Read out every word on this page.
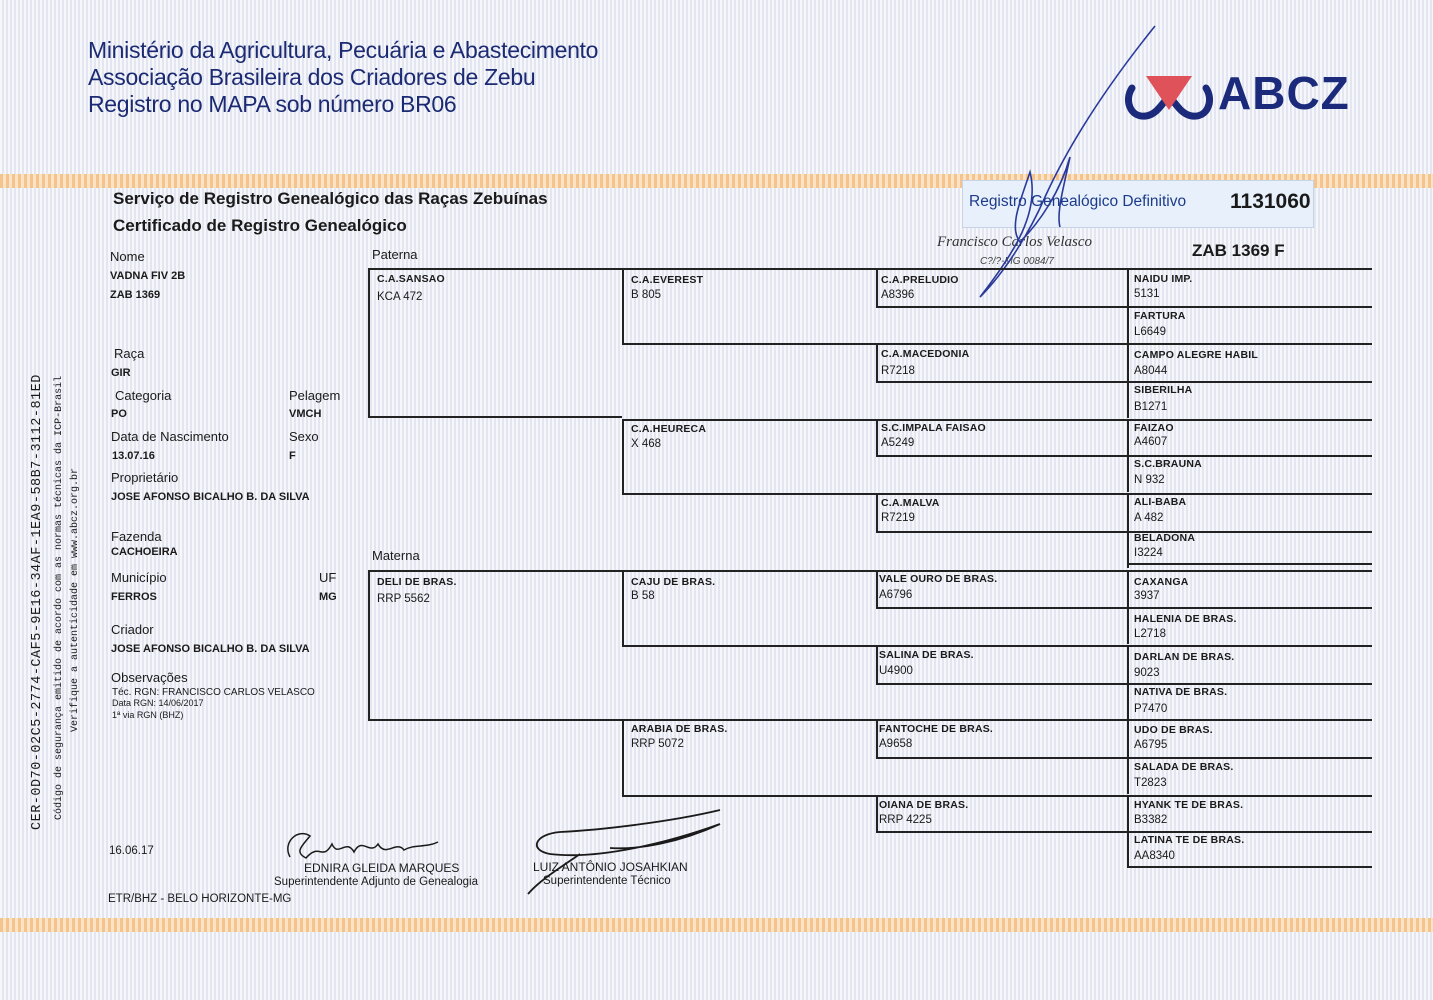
Ministério da Agricultura, Pecuária e Abastecimento
Associação Brasileira dos Criadores de Zebu
Registro no MAPA sob número BR06	ABCZ
Serviço de Registro Genealógico das Raças Zebuínas
Certificado de Registro Genealógico
Registro Genealógico Definitivo 1131060
Francisco Carlos Velasco
C?/?-MG 0084/7
ZAB 1369 F
CER-0D70-02C5-2774-CAF5-9E16-34AF-1EA9-58B7-3112-81ED Código de segurança emitido de acordo com as normas técnicas da ICP-Brasil Verifique a autenticidade em www.abcz.org.br
Nome
VADNA FIV 2B
ZAB 1369
Raça
GIR
Categoria
PO
Pelagem
VMCH
Data de Nascimento
13.07.16
Sexo
F
Proprietário
JOSE AFONSO BICALHO B. DA SILVA
Fazenda
CACHOEIRA
Município
FERROS
UF
MG
Criador
JOSE AFONSO BICALHO B. DA SILVA
Observações
Téc. RGN: FRANCISCO CARLOS VELASCO
Data RGN: 14/06/2017
1ª via RGN (BHZ)
Paterna
Materna
C.A.SANSAO
KCA 472
DELI DE BRAS.
RRP 5562
C.A.EVEREST
B 805
C.A.HEURECA
X 468
CAJU DE BRAS.
B 58
ARABIA DE BRAS.
RRP 5072
C.A.PRELUDIO
A8396
C.A.MACEDONIA
R7218
S.C.IMPALA FAISAO
A5249
C.A.MALVA
R7219
VALE OURO DE BRAS.
A6796
SALINA DE BRAS.
U4900
FANTOCHE DE BRAS.
A9658
OIANA DE BRAS.
RRP 4225
NAIDU IMP.
5131
FARTURA
L6649
CAMPO ALEGRE HABIL
A8044
SIBERILHA
B1271
FAIZAO
A4607
S.C.BRAUNA
N 932
ALI-BABA
A 482
BELADONA
I3224
CAXANGA
3937
HALENIA DE BRAS.
L2718
DARLAN DE BRAS.
9023
NATIVA DE BRAS.
P7470
UDO DE BRAS.
A6795
SALADA DE BRAS.
T2823
HYANK TE DE BRAS.
B3382
LATINA TE DE BRAS.
AA8340
16.06.17
EDNIRA GLEIDA MARQUES
Superintendente Adjunto de Genealogia
LUIZ ANTÔNIO JOSAHKIAN
Superintendente Técnico
ETR/BHZ - BELO HORIZONTE-MG
